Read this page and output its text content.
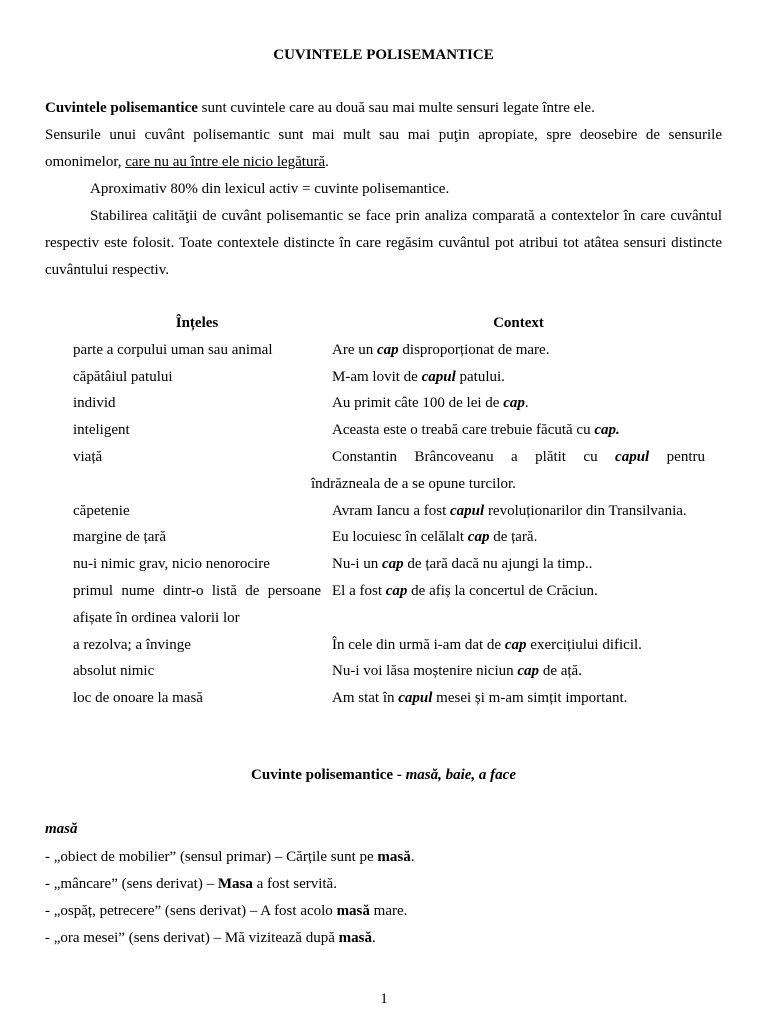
CUVINTELE POLISEMANTICE
Cuvintele polisemantice sunt cuvintele care au două sau mai multe sensuri legate între ele.
Sensurile unui cuvânt polisemantic sunt mai mult sau mai puţin apropiate, spre deosebire de sensurile omonimelor, care nu au între ele nicio legătură.
Aproximativ 80% din lexicul activ = cuvinte polisemantice.
Stabilirea calităţii de cuvânt polisemantic se face prin analiza comparată a contextelor în care cuvântul respectiv este folosit. Toate contextele distincte în care regăsim cuvântul pot atribui tot atâtea sensuri distincte cuvântului respectiv.
Înțeles	Context
parte a corpului uman sau animal	Are un cap disproporționat de mare.
căpătâiul patului	M-am lovit de capul patului.
individ	Au primit câte 100 de lei de cap.
inteligent	Aceasta este o treabă care trebuie făcută cu cap.
viață	Constantin Brâncoveanu a plătit cu capul pentru
îndrăzneala de a se opune turcilor.	
căpetenie	Avram Iancu a fost capul revoluționarilor din Transilvania.
margine de țară	Eu locuiesc în celălalt cap de țară.
nu-i nimic grav, nicio nenorocire	Nu-i un cap de țară dacă nu ajungi la timp..
primul nume dintr-o listă de persoane	El a fost cap de afiș la concertul de Crăciun.
afișate în ordinea valorii lor	
a rezolva; a învinge	În cele din urmă i-am dat de cap exercițiului dificil.
absolut nimic	Nu-i voi lăsa moștenire niciun cap de ață.
loc de onoare la masă	Am stat în capul mesei și m-am simțit important.
Cuvinte polisemantice - masă, baie, a face
masă
- „obiect de mobilier” (sensul primar) – Cărțile sunt pe masă.
- „mâncare” (sens derivat) – Masa a fost servită.
- „ospăț, petrecere” (sens derivat) – A fost acolo masă mare.
- „ora mesei” (sens derivat) – Mă vizitează după masă.
1
